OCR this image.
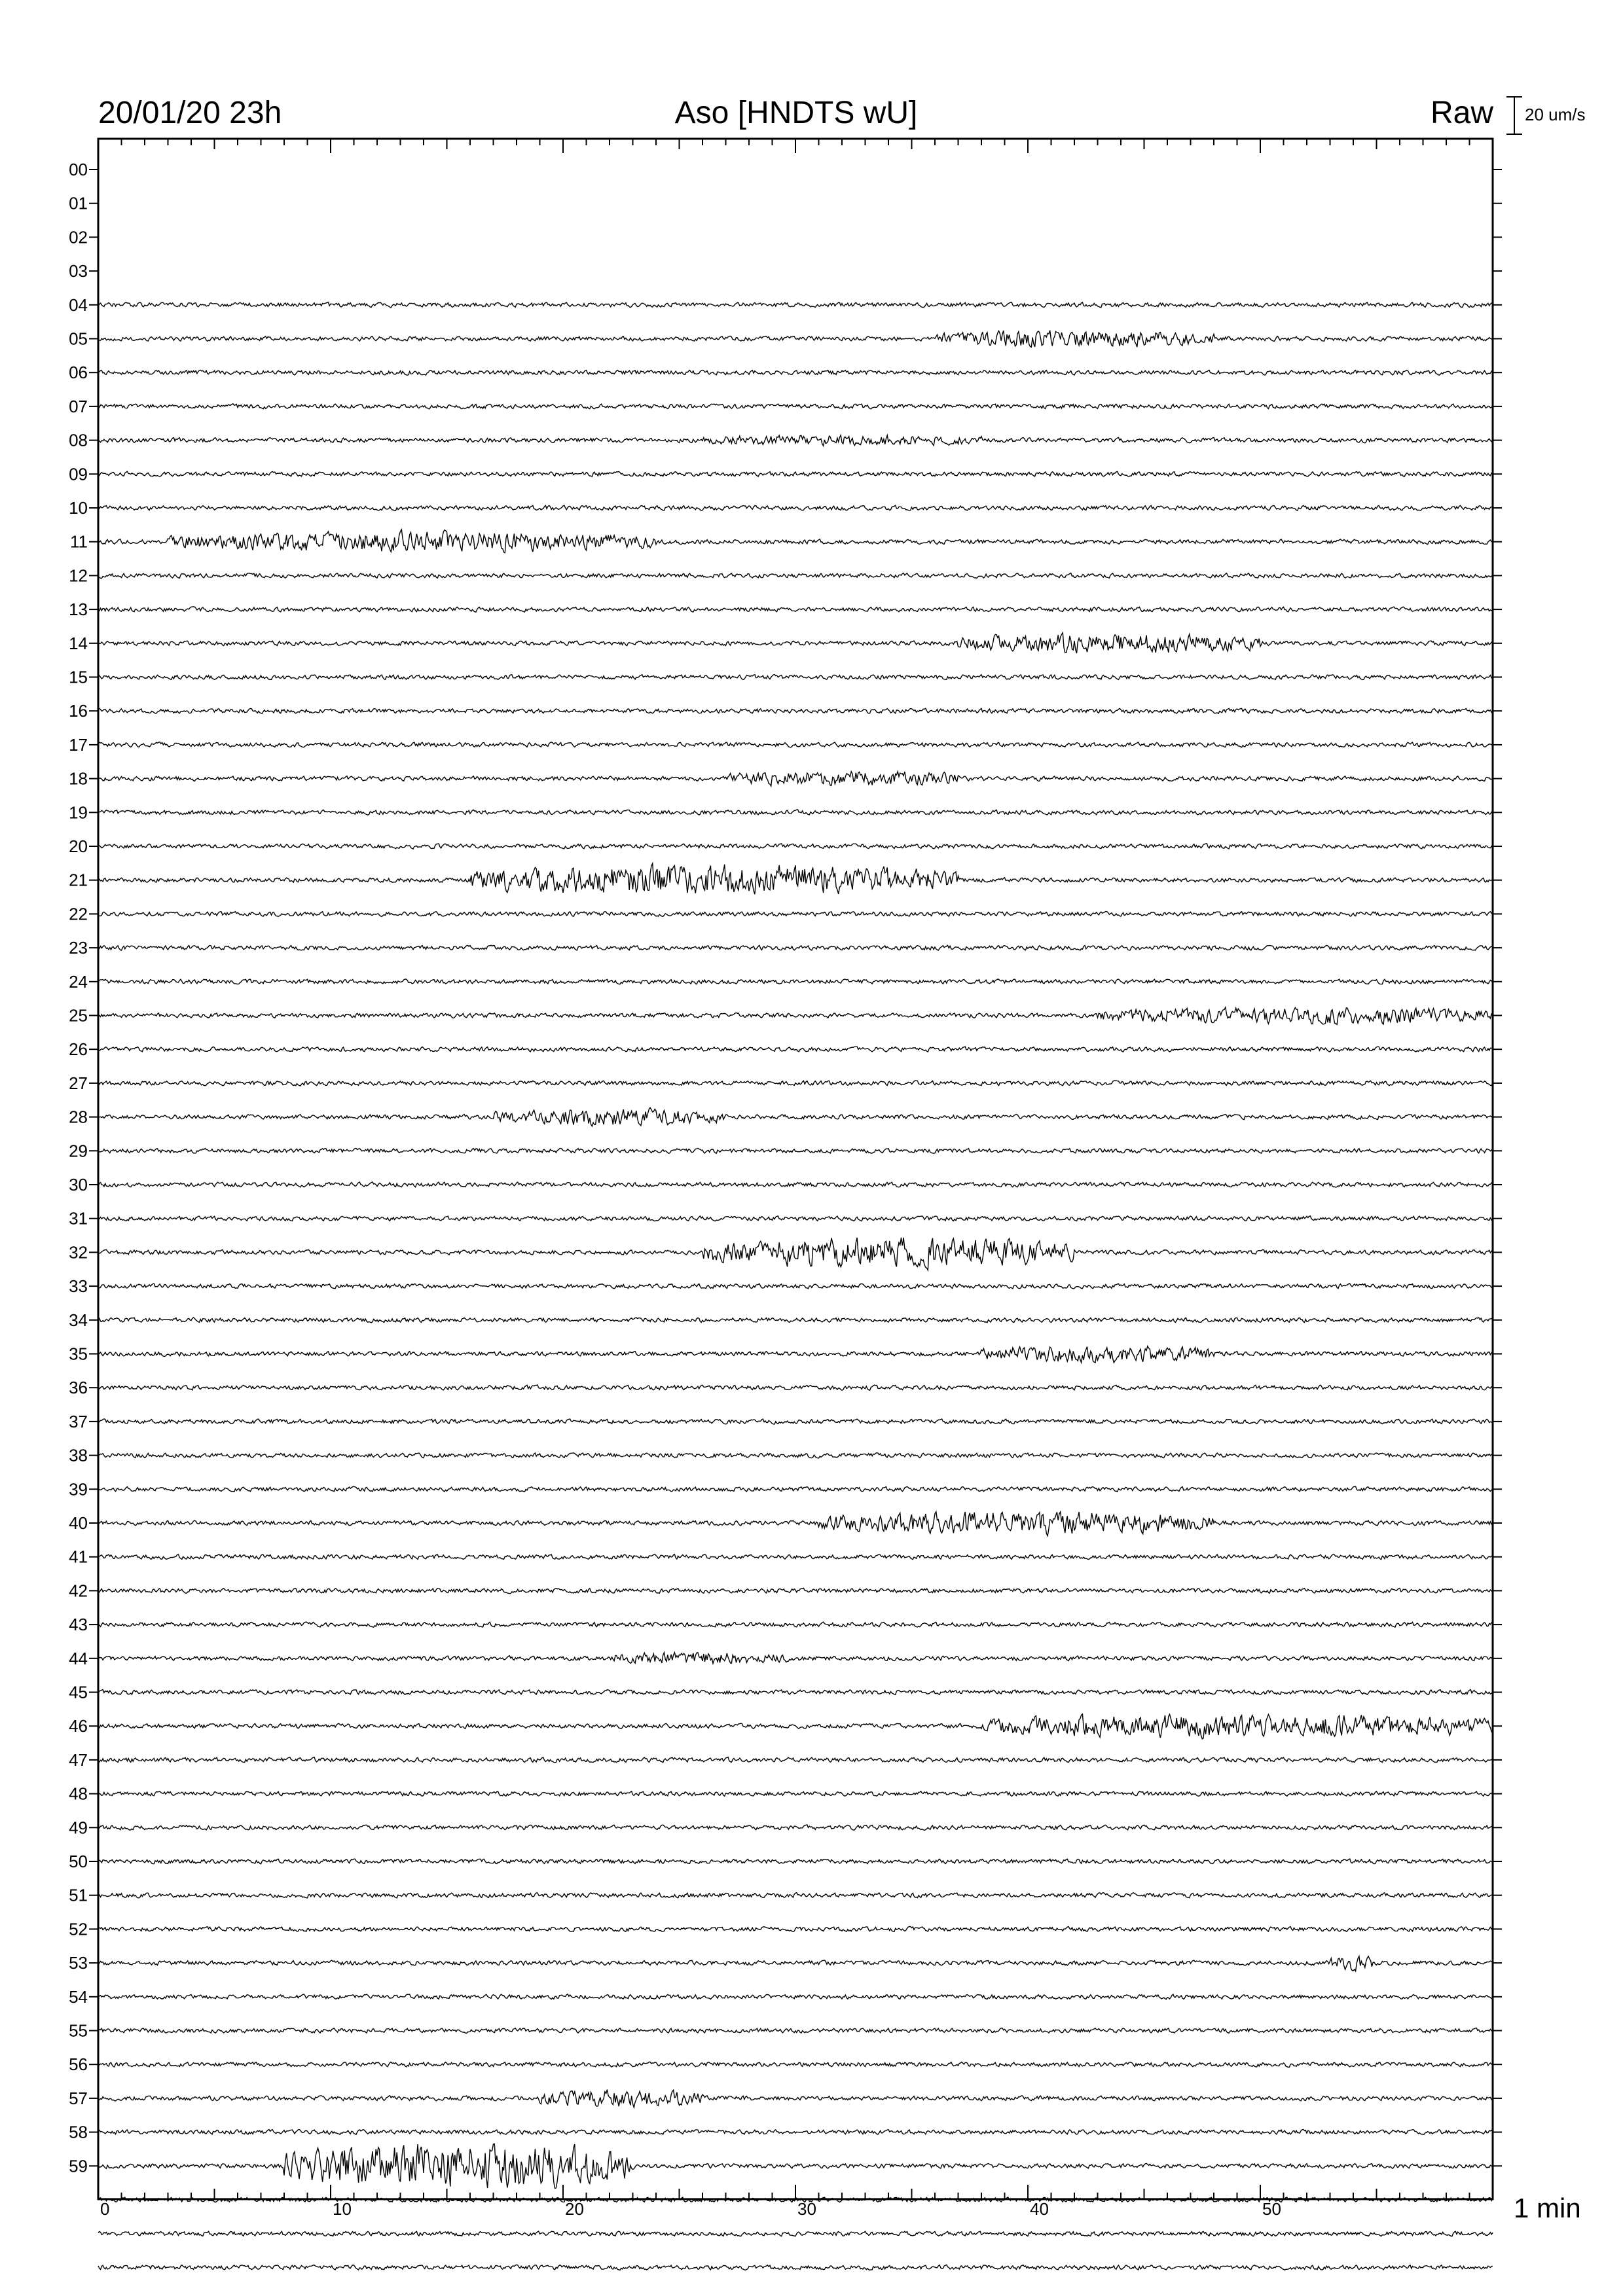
20/01/20 23h	Aso [HNDTS wU]	Raw 20 um/s
0	10	20	30	40	50
00
01
02
03
04
05
06
07
08
09
10
11
12
13
14
15
16
17
18
19
20
21
22
23
24
25
26
27
28
29
30
31
32
33
34
35
36
37
38
39
40
41
42
43
44
45
46
47
48
49
50
51
52
53
54
55
56
57
58
59
1 min
